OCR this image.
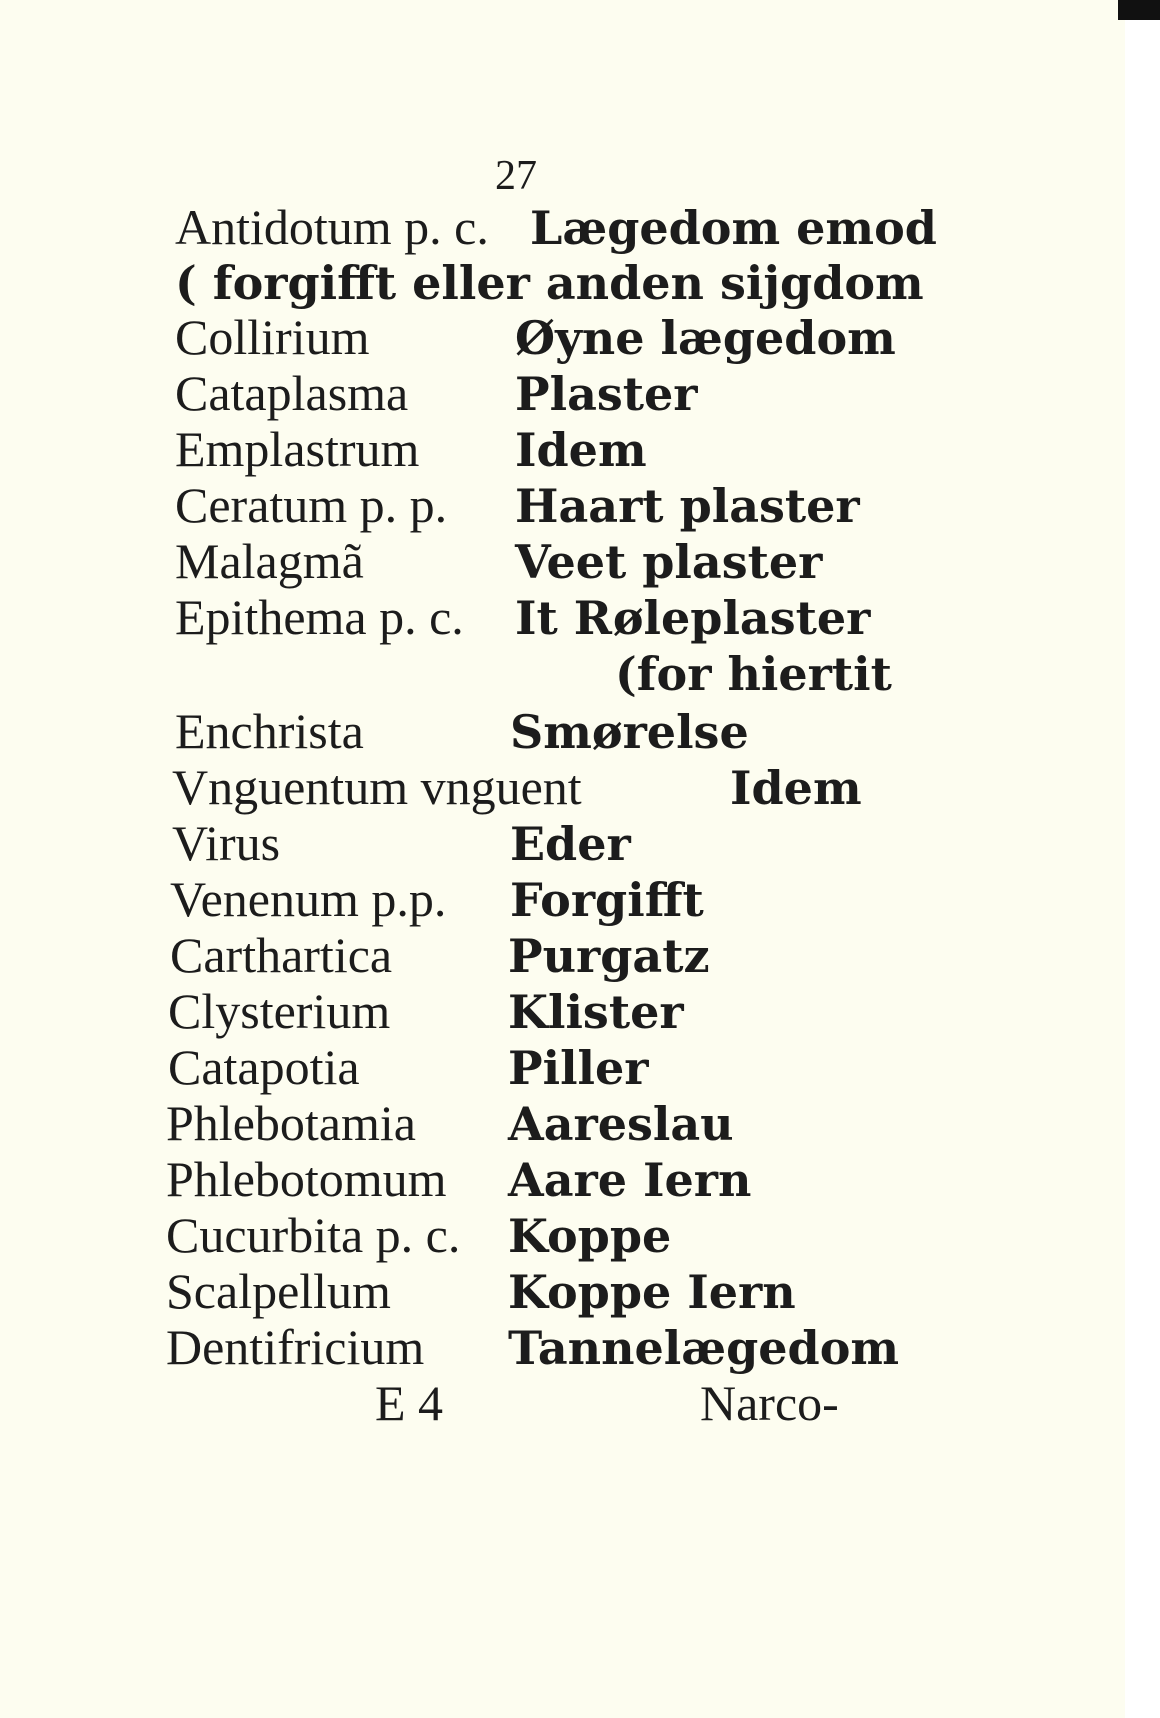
27
Antidotum p. c. Lægedom emod
( forgifft eller anden sijgdom
Collirium	Øyne lægedom
Cataplasma Plaster
Emplastrum Idem
Ceratum p. p. Haart plaster
Malagmã	Veet plaster
Epithema p. c. It Røleplaster
(for hiertit
Enchrista	Smørelse
Vnguentum vnguent	Idem
Virus	Eder
Venenum p.p. Forgifft
Carthartica	Purgatz
Clysterium	Klister
Catapotia	Piller
Phlebotamia Aareslau
Phlebotomum Aare Iern
Cucurbita p. c. Koppe
Scalpellum	Koppe Iern
Dentifricium Tannelægedom
E 4	Narco-
